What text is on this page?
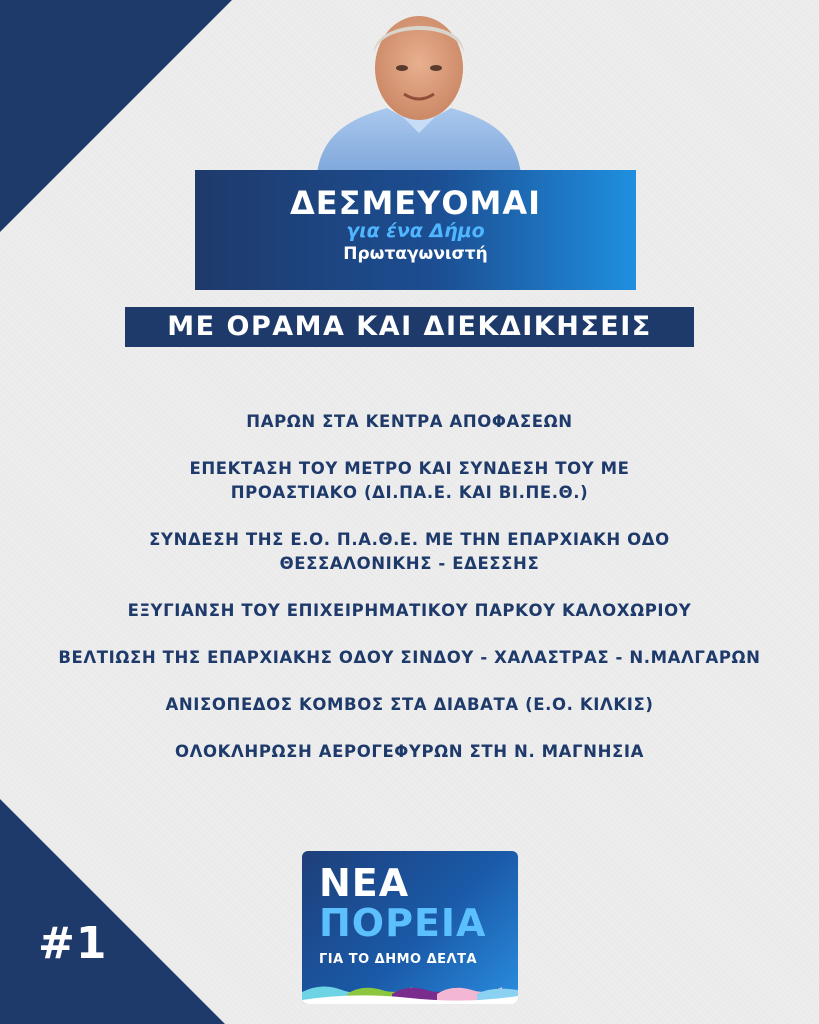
#1
ΔΕΣΜΕΥΟΜΑΙ
για ένα Δήμο
Πρωταγωνιστή
ΜΕ ΟΡΑΜΑ ΚΑΙ ΔΙΕΚΔΙΚΗΣΕΙΣ
ΠΑΡΩΝ ΣΤΑ ΚΕΝΤΡΑ ΑΠΟΦΑΣΕΩΝ
ΕΠΕΚΤΑΣΗ ΤΟΥ ΜΕΤΡΟ ΚΑΙ ΣΥΝΔΕΣΗ ΤΟΥ ΜΕ
ΠΡΟΑΣΤΙΑΚΟ (ΔΙ.ΠΑ.Ε. ΚΑΙ ΒΙ.ΠΕ.Θ.)
ΣΥΝΔΕΣΗ ΤΗΣ Ε.Ο. Π.Α.Θ.Ε. ΜΕ ΤΗΝ ΕΠΑΡΧΙΑΚΗ ΟΔΟ
ΘΕΣΣΑΛΟΝΙΚΗΣ - ΕΔΕΣΣΗΣ
ΕΞΥΓΙΑΝΣΗ ΤΟΥ ΕΠΙΧΕΙΡΗΜΑΤΙΚΟΥ ΠΑΡΚΟΥ ΚΑΛΟΧΩΡΙΟΥ
ΒΕΛΤΙΩΣΗ ΤΗΣ ΕΠΑΡΧΙΑΚΗΣ ΟΔΟΥ ΣΙΝΔΟΥ - ΧΑΛΑΣΤΡΑΣ - Ν.ΜΑΛΓΑΡΩΝ
ΑΝΙΣΟΠΕΔΟΣ ΚΟΜΒΟΣ ΣΤΑ ΔΙΑΒΑΤΑ (Ε.Ο. ΚΙΛΚΙΣ)
ΟΛΟΚΛΗΡΩΣΗ ΑΕΡΟΓΕΦΥΡΩΝ ΣΤΗ Ν. ΜΑΓΝΗΣΙΑ
ΝΕΑ
ΠΟΡΕΙΑ
ΓΙΑ ΤΟ ΔΗΜΟ ΔΕΛΤΑ
